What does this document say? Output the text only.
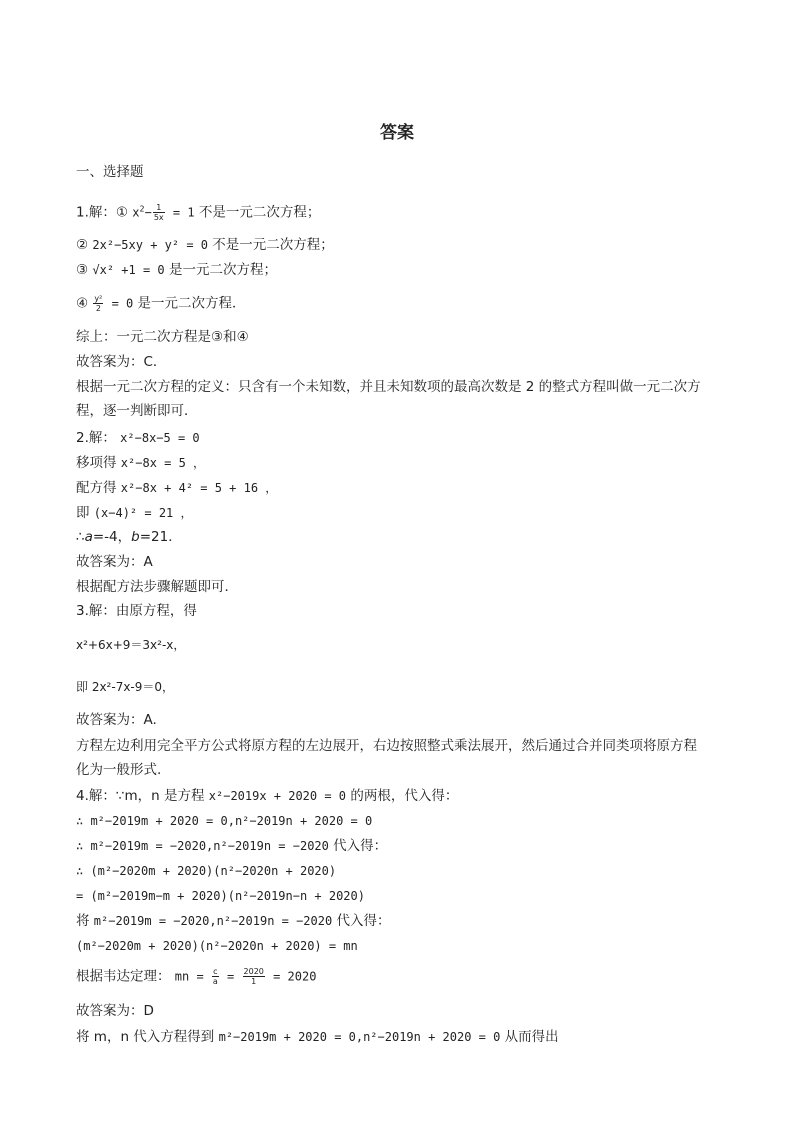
答案
一、选择题
1.解：① $x^2- \frac{1}{5x} = 1$ 不是一元二次方程；
② 2x²−5xy + y² = 0 不是一元二次方程；
③ √x² +1 = 0 是一元二次方程；
④ $\frac{\text{y²}}{2} = 0$ 是一元二次方程．
综上：一元二次方程是③和④
故答案为：C．
根据一元二次方程的定义：只含有一个未知数，并且未知数项的最高次数是 2 的整式方程叫做一元二次方
程，逐一判断即可．
2.解： x²−8x−5 = 0
移项得 x²−8x = 5 ，
配方得 x²−8x + 4² = 5 + 16 ，
即 (x−4)² = 21 ，
∴a=-4，b=21．
故答案为：A
根据配方法步骤解题即可．
3.解：由原方程，得
x²+6x+9＝3x²-x，
即 2x²-7x-9＝0，
故答案为：A.
方程左边利用完全平方公式将原方程的左边展开，右边按照整式乘法展开，然后通过合并同类项将原方程
化为一般形式.
4.解：∵m，n 是方程 x²−2019x + 2020 = 0 的两根，代入得：
∴ m²−2019m + 2020 = 0,n²−2019n + 2020 = 0
∴ m²−2019m = −2020,n²−2019n = −2020 代入得：
∴ (m²−2020m + 2020)(n²−2020n + 2020)
= (m²−2019m−m + 2020)(n²−2019n−n + 2020)
将 m²−2019m = −2020,n²−2019n = −2020 代入得：
(m²−2020m + 2020)(n²−2020n + 2020) = mn
根据韦达定理： mn = $\frac{c}{a} = \frac{2020}{1} = 2020$
故答案为：D
将 m，n 代入方程得到 m²−2019m + 2020 = 0,n²−2019n + 2020 = 0 从而得出
